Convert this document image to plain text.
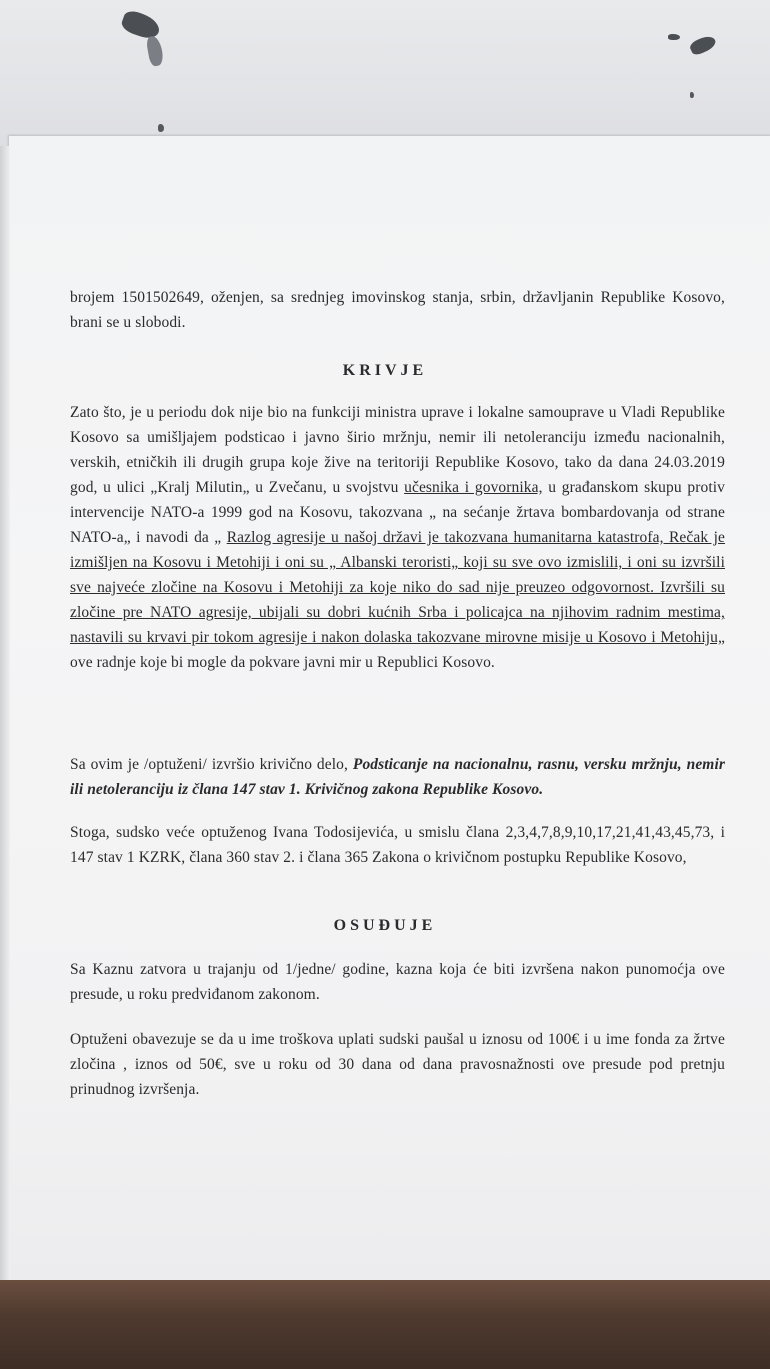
brojem 1501502649, oženjen, sa srednjeg imovinskog stanja, srbin, državljanin Republike Kosovo, brani se u slobodi.

KRIVJE

Zato što, je u periodu dok nije bio na funkciji ministra uprave i lokalne samouprave u Vladi Republike Kosovo sa umišljajem podsticao i javno širio mržnju, nemir ili netoleranciju između nacionalnih, verskih, etničkih ili drugih grupa koje žive na teritoriji Republike Kosovo, tako da dana 24.03.2019 god, u ulici „Kralj Milutin„ u Zvečanu, u svojstvu učesnika i govornika, u građanskom skupu protiv intervencije NATO-a 1999 god na Kosovu, takozvana „ na sećanje žrtava bombardovanja od strane NATO-a„ i navodi da „ Razlog agresije u našoj državi je takozvana humanitarna katastrofa, Rečak je izmišljen na Kosovu i Metohiji i oni su „ Albanski teroristi„ koji su sve ovo izmislili, i oni su izvršili sve najveće zločine na Kosovu i Metohiji za koje niko do sad nije preuzeo odgovornost. Izvršili su zločine pre NATO agresije, ubijali su dobri kućnih Srba i policajca na njihovim radnim mestima, nastavili su krvavi pir tokom agresije i nakon dolaska takozvane mirovne misije u Kosovo i Metohiju„ ove radnje koje bi mogle da pokvare javni mir u Republici Kosovo.

Sa ovim je /optuženi/ izvršio krivično delo, Podsticanje na nacionalnu, rasnu, versku mržnju, nemir ili netoleranciju iz člana 147 stav 1. Krivičnog zakona Republike Kosovo.

Stoga, sudsko veće optuženog Ivana Todosijevića, u smislu člana 2,3,4,7,8,9,10,17,21,41,43,45,73, i 147 stav 1 KZRK, člana 360 stav 2. i člana 365 Zakona o krivičnom postupku Republike Kosovo,

OSUĐUJE

Sa Kaznu zatvora u trajanju od 1/jedne/ godine, kazna koja će biti izvršena nakon punomoćja ove presude, u roku predviđanom zakonom.

Optuženi obavezuje se da u ime troškova uplati sudski paušal u iznosu od 100€ i u ime fonda za žrtve zločina , iznos od 50€, sve u roku od 30 dana od dana pravosnažnosti ove presude pod pretnju prinudnog izvršenja.
